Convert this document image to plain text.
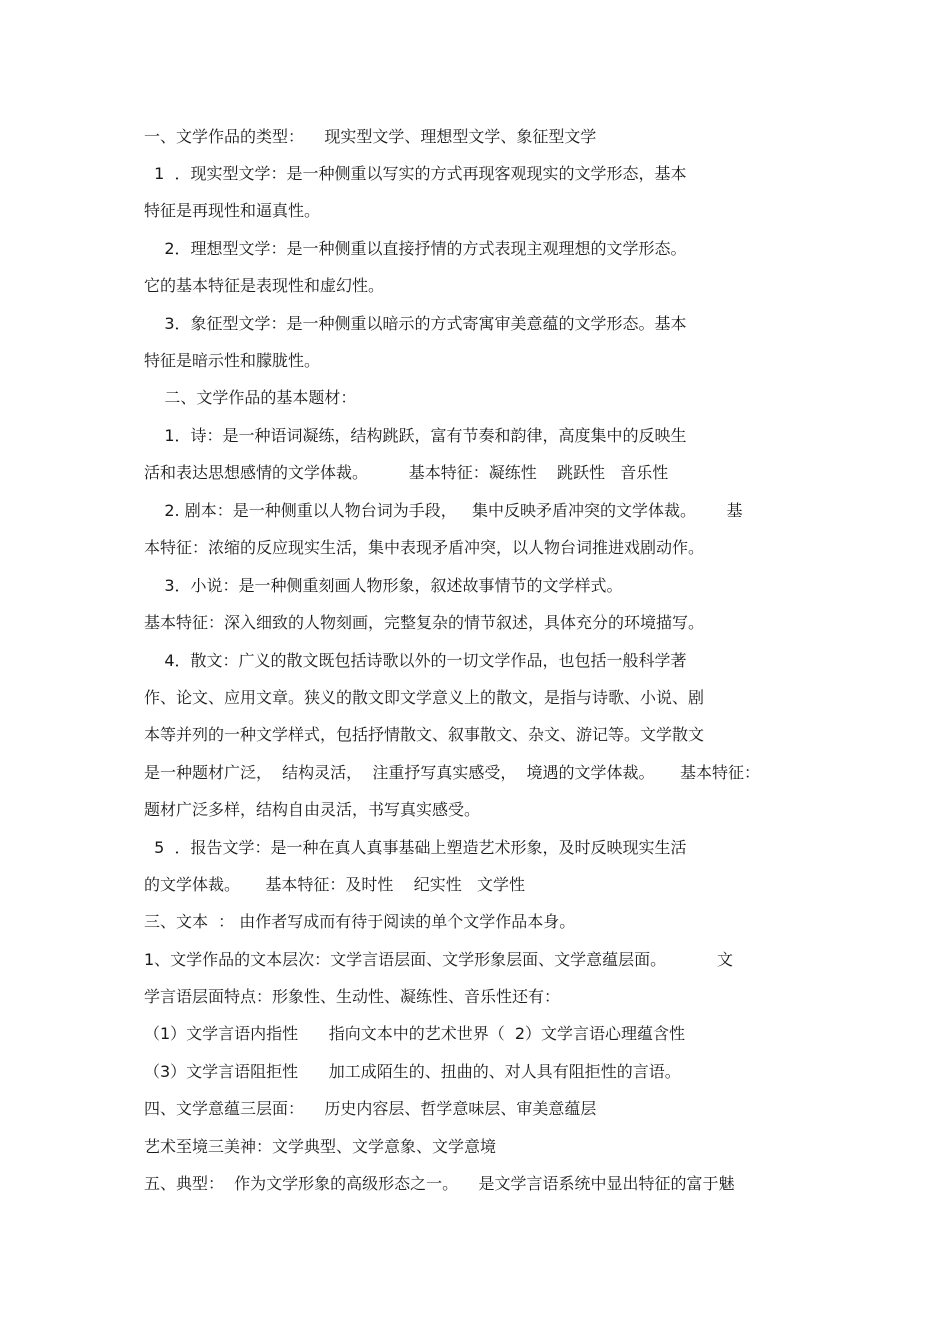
一、文学作品的类型：    现实型文学、理想型文学、象征型文学
1  ．现实型文学：是一种侧重以写实的方式再现客观现实的文学形态，基本
特征是再现性和逼真性。
2．理想型文学：是一种侧重以直接抒情的方式表现主观理想的文学形态。
它的基本特征是表现性和虚幻性。
3．象征型文学：是一种侧重以暗示的方式寄寓审美意蕴的文学形态。基本
特征是暗示性和朦胧性。
二、文学作品的基本题材：
1．诗：是一种语词凝练，结构跳跃，富有节奏和韵律，高度集中的反映生
活和表达思想感情的文学体裁。        基本特征：凝练性    跳跃性   音乐性
2. 剧本：是一种侧重以人物台词为手段，   集中反映矛盾冲突的文学体裁。      基
本特征：浓缩的反应现实生活，集中表现矛盾冲突，以人物台词推进戏剧动作。
3．小说：是一种侧重刻画人物形象，叙述故事情节的文学样式。
基本特征：深入细致的人物刻画，完整复杂的情节叙述，具体充分的环境描写。
4．散文：广义的散文既包括诗歌以外的一切文学作品，也包括一般科学著
作、论文、应用文章。狭义的散文即文学意义上的散文，是指与诗歌、小说、剧
本等并列的一种文学样式，包括抒情散文、叙事散文、杂文、游记等。文学散文
是一种题材广泛，  结构灵活，  注重抒写真实感受，  境遇的文学体裁。     基本特征：
题材广泛多样，结构自由灵活，书写真实感受。
5  ．报告文学：是一种在真人真事基础上塑造艺术形象，及时反映现实生活
的文学体裁。     基本特征：及时性    纪实性   文学性
三、文本  ： 由作者写成而有待于阅读的单个文学作品本身。
1、文学作品的文本层次：文学言语层面、文学形象层面、文学意蕴层面。          文
学言语层面特点：形象性、生动性、凝练性、音乐性还有：
（1）文学言语内指性      指向文本中的艺术世界（  2）文学言语心理蕴含性
（3）文学言语阻拒性      加工成陌生的、扭曲的、对人具有阻拒性的言语。
四、文学意蕴三层面：    历史内容层、哲学意味层、审美意蕴层
艺术至境三美神：文学典型、文学意象、文学意境
五、典型：  作为文学形象的高级形态之一。    是文学言语系统中显出特征的富于魅
